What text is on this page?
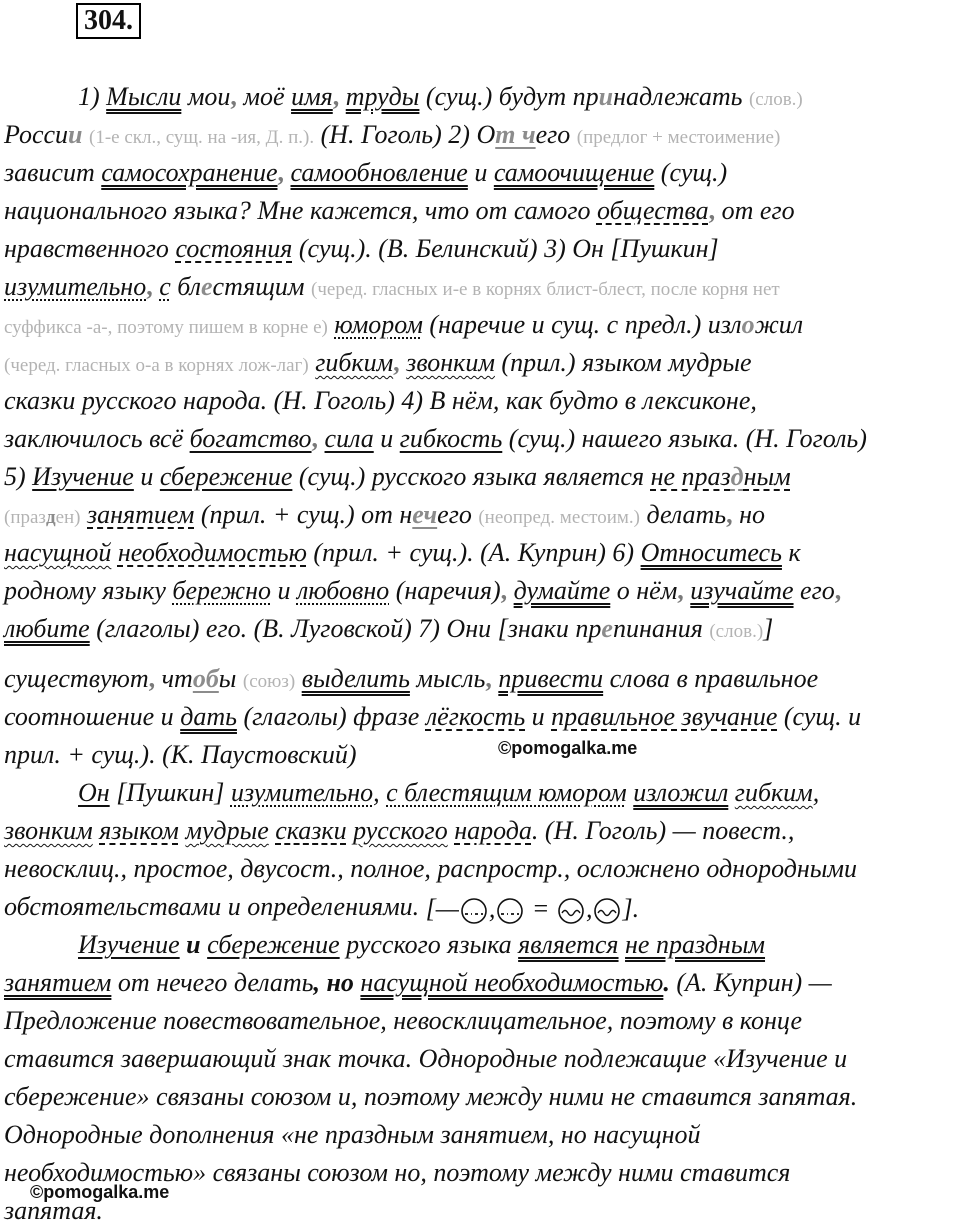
304.
1) Мысли мои, моё имя, труды (сущ.) будут принадлежать (слов.)
России (1-е скл., сущ. на -ия, Д. п.). (Н. Гоголь) 2) От чего (предлог + местоимение)
зависит самосохранение, самообновление и самоочищение (сущ.)
национального языка? Мне кажется, что от самого общества, от его
нравственного состояния (сущ.). (В. Белинский) 3) Он [Пушкин]
изумительно, с блестящим (черед. гласных и-е в корнях блист-блест, после корня нет
суффикса -а-, поэтому пишем в корне е) юмором (наречие и сущ. с предл.) изложил
(черед. гласных о-а в корнях лож-лаг) гибким, звонким (прил.) языком мудрые
сказки русского народа. (Н. Гоголь) 4) В нём, как будто в лексиконе,
заключилось всё богатство, сила и гибкость (сущ.) нашего языка. (Н. Гоголь)
5) Изучение и сбережение (сущ.) русского языка является не праздным
(празден) занятием (прил. + сущ.) от нечего (неопред. местоим.) делать, но
насущной необходимостью (прил. + сущ.). (А. Куприн) 6) Относитесь к
родному языку бережно и любовно (наречия), думайте о нём, изучайте его,
любите (глаголы) его. (В. Луговской) 7) Они [знаки препинания (слов.)]
существуют, чтобы (союз) выделить мысль, привести слова в правильное
соотношение и дать (глаголы) фразе лёгкость и правильное звучание (сущ. и
прил. + сущ.). (К. Паустовский)
Он [Пушкин] изумительно, с блестящим юмором изложил гибким,
звонким языком мудрые сказки русского народа. (Н. Гоголь) — повест.,
невосклиц., простое, двусост., полное, распростр., осложнено однородными
обстоятельствами и определениями. [— , = , ].
Изучение и сбережение русского языка является не праздным
занятием от нечего делать, но насущной необходимостью. (А. Куприн) —
Предложение повествовательное, невосклицательное, поэтому в конце
ставится завершающий знак точка. Однородные подлежащие «Изучение и
сбережение» связаны союзом и, поэтому между ними не ставится запятая.
Однородные дополнения «не праздным занятием, но насущной
необходимостью» связаны союзом но, поэтому между ними ставится
запятая.
©pomogalka.me
©pomogalka.me
